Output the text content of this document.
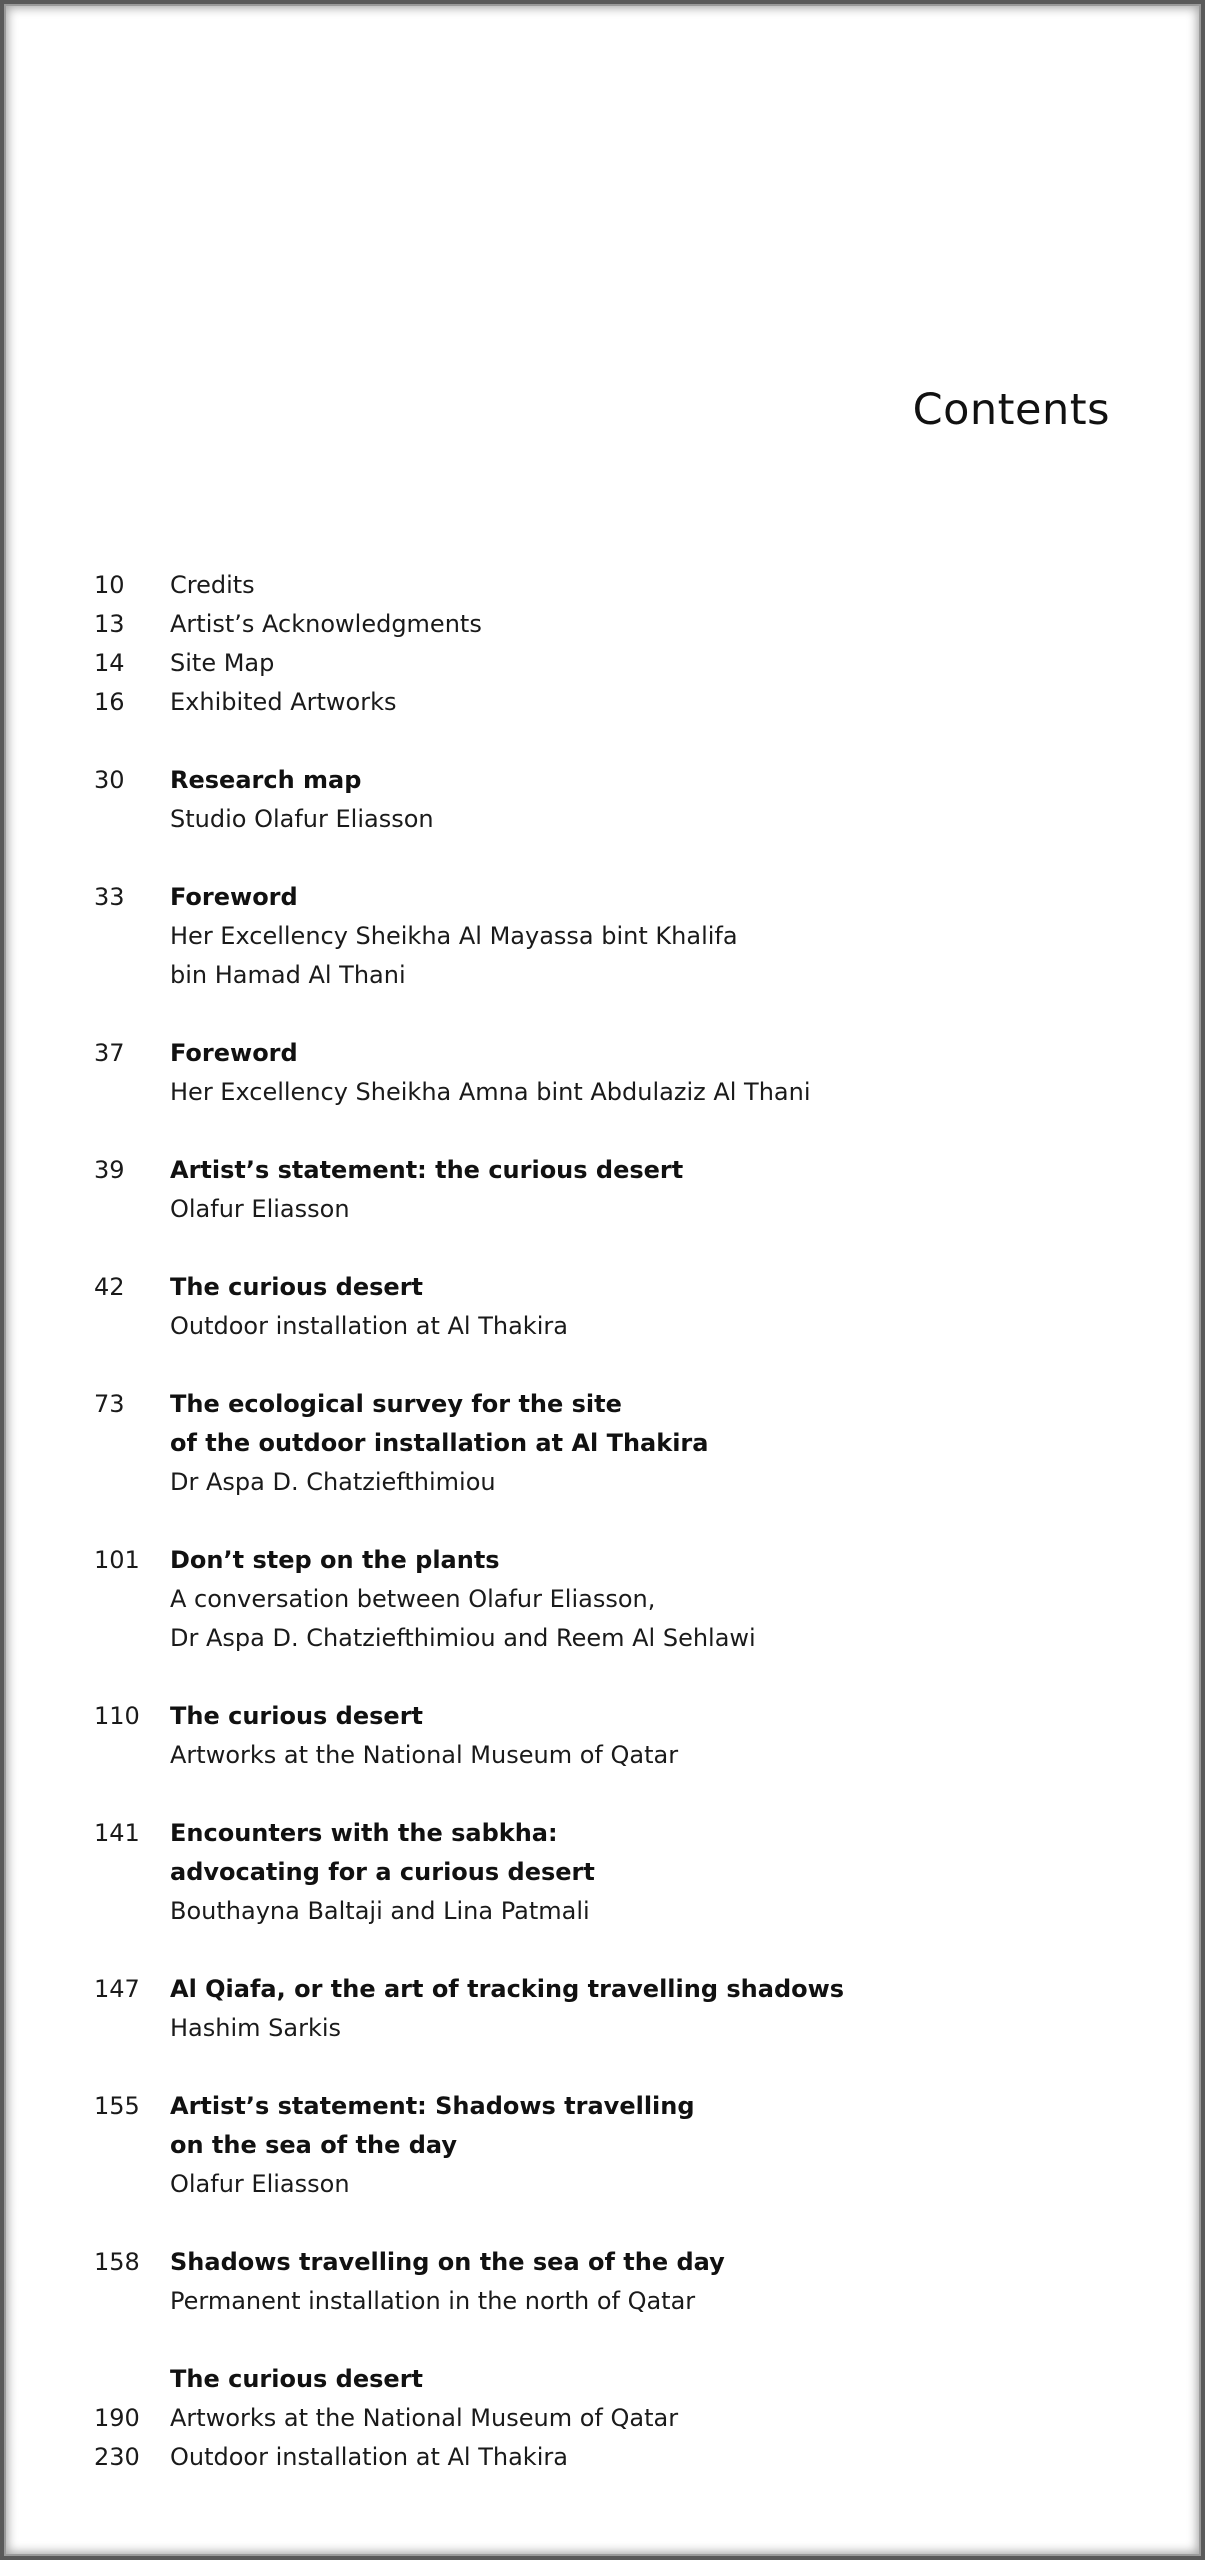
Contents
10	Credits
13	Artist’s Acknowledgments
14	Site Map
16	Exhibited Artworks
30	Research map
Studio Olafur Eliasson
33	Foreword
Her Excellency Sheikha Al Mayassa bint Khalifa
bin Hamad Al Thani
37	Foreword
Her Excellency Sheikha Amna bint Abdulaziz Al Thani
39	Artist’s statement: the curious desert
Olafur Eliasson
42	The curious desert
Outdoor installation at Al Thakira
73	The ecological survey for the site
of the outdoor installation at Al Thakira
Dr Aspa D. Chatziefthimiou
101	Don’t step on the plants
A conversation between Olafur Eliasson,
Dr Aspa D. Chatziefthimiou and Reem Al Sehlawi
110	The curious desert
Artworks at the National Museum of Qatar
141	Encounters with the sabkha:
advocating for a curious desert
Bouthayna Baltaji and Lina Patmali
147	Al Qiafa, or the art of tracking travelling shadows
Hashim Sarkis
155	Artist’s statement: Shadows travelling
on the sea of the day
Olafur Eliasson
158	Shadows travelling on the sea of the day
Permanent installation in the north of Qatar
The curious desert
190	Artworks at the National Museum of Qatar
230	Outdoor installation at Al Thakira
